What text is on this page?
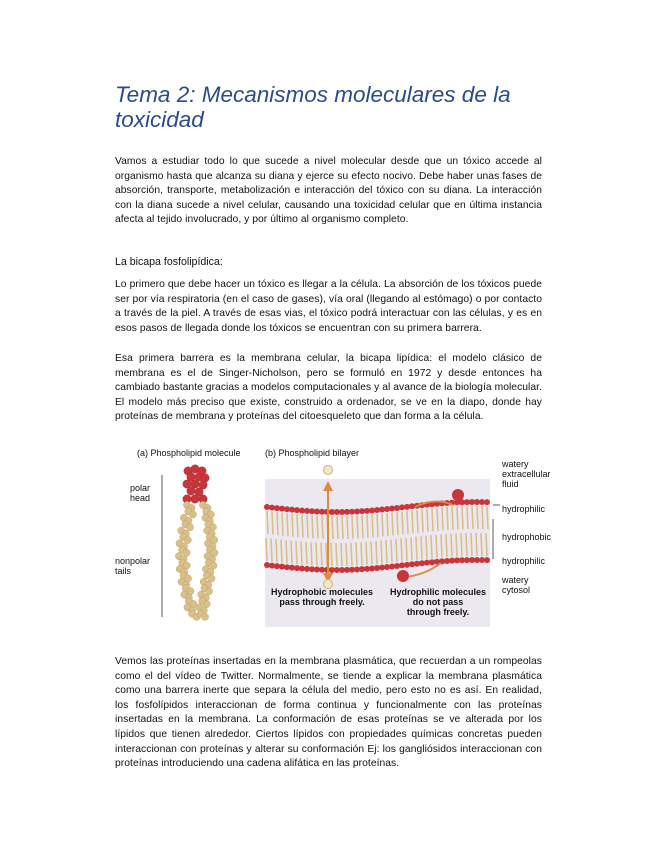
Tema 2: Mecanismos moleculares de la toxicidad

Vamos a estudiar todo lo que sucede a nivel molecular desde que un tóxico accede al organismo hasta que alcanza su diana y ejerce su efecto nocivo. Debe haber unas fases de absorción, transporte, metabolización e interacción del tóxico con su diana. La interacción con la diana sucede a nivel celular, causando una toxicidad celular que en última instancia afecta al tejido involucrado, y por último al organismo completo.

La bicapa fosfolipídica:

Lo primero que debe hacer un tóxico es llegar a la célula. La absorción de los tóxicos puede ser por vía respiratoria (en el caso de gases), vía oral (llegando al estómago) o por contacto a través de la piel. A través de esas vias, el tóxico podrá interactuar con las células, y es en esos pasos de llegada donde los tóxicos se encuentran con su primera barrera.

Esa primera barrera es la membrana celular, la bicapa lipídica: el modelo clásico de membrana es el de Singer-Nicholson, pero se formuló en 1972 y desde entonces ha cambiado bastante gracias a modelos computacionales y al avance de la biología molecular. El modelo más preciso que existe, construido a ordenador, se ve en la diapo, donde hay proteínas de membrana y proteínas del citoesqueleto que dan forma a la célula.

(a) Phospholipid molecule	(b) Phospholipid bilayer
polar
head
nonpolar
tails
watery
extracellular
fluid
hydrophilic
hydrophobic
hydrophilic
watery
cytosol
Hydrophobic molecules
pass through freely.
Hydrophilic molecules
do not pass
through freely.

Vemos las proteínas insertadas en la membrana plasmática, que recuerdan a un rompeolas como el del vídeo de Twitter. Normalmente, se tiende a explicar la membrana plasmática como una barrera inerte que separa la célula del medio, pero esto no es así. En realidad, los fosfolípidos interaccionan de forma continua y funcionalmente con las proteínas insertadas en la membrana. La conformación de esas proteínas se ve alterada por los lípidos que tienen alrededor. Ciertos lípidos con propiedades químicas concretas pueden interaccionan con proteínas y alterar su conformación Ej: los gangliósidos interaccionan con proteínas introduciendo una cadena alifática en las proteínas.
